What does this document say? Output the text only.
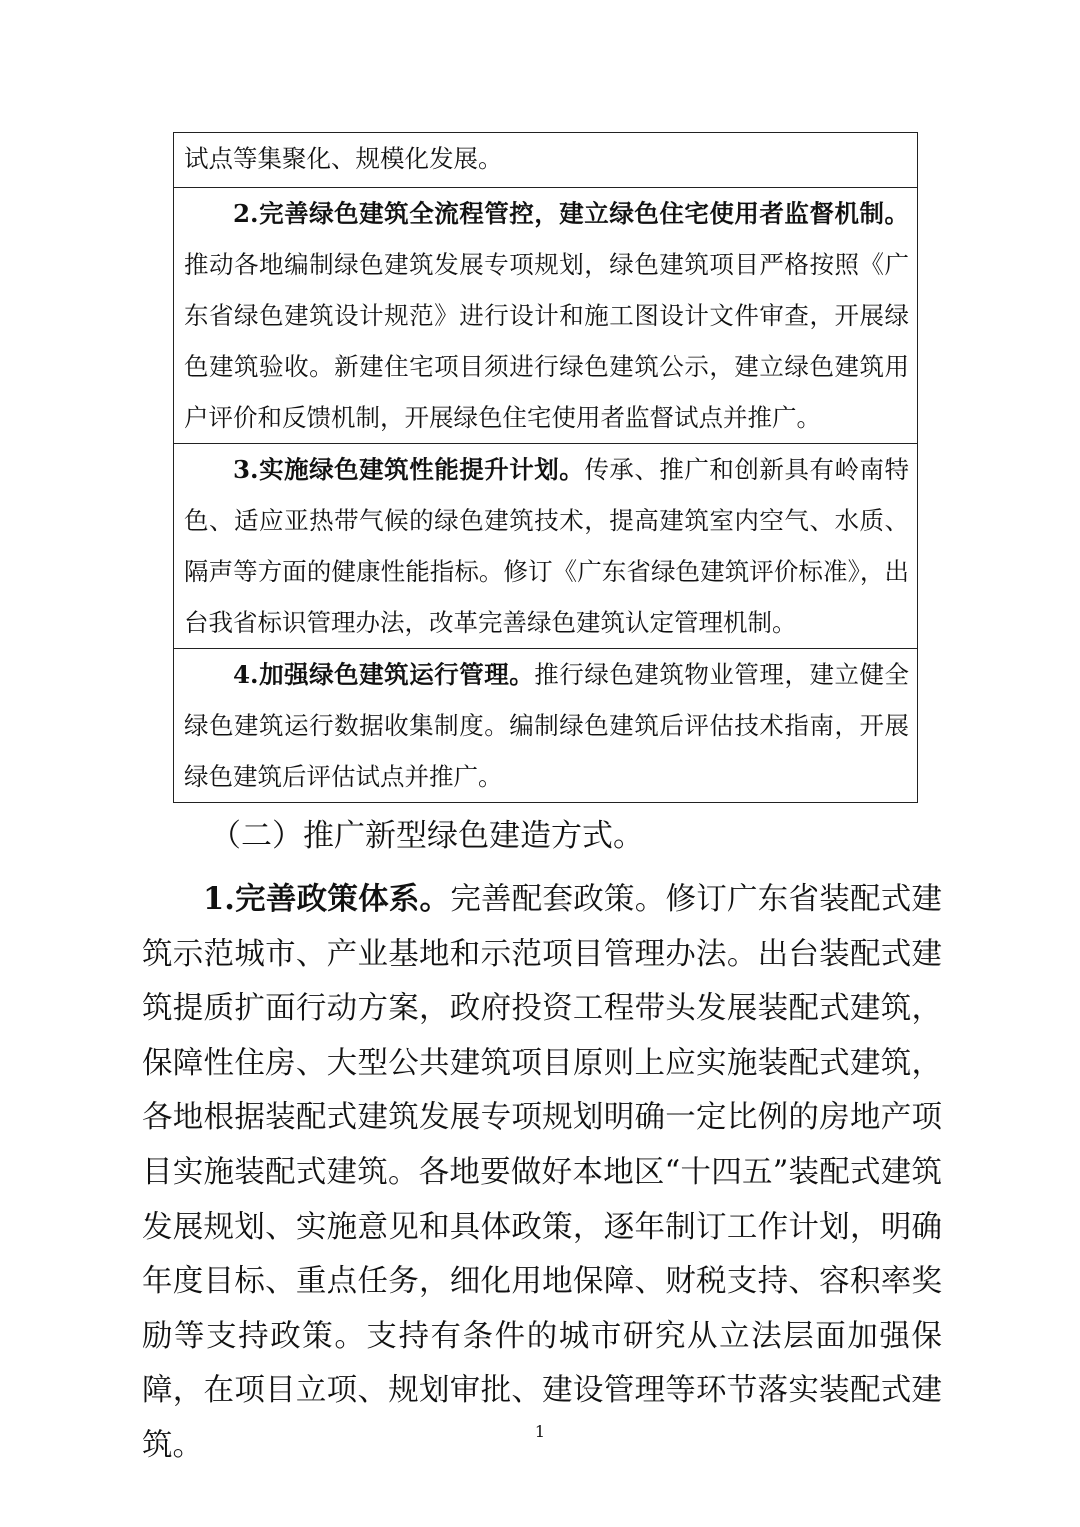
试点等集聚化、规模化发展。
2.完善绿色建筑全流程管控，建立绿色住宅使用者监督机制。推动各地编制绿色建筑发展专项规划，绿色建筑项目严格按照《广东省绿色建筑设计规范》进行设计和施工图设计文件审查，开展绿色建筑验收。新建住宅项目须进行绿色建筑公示，建立绿色建筑用户评价和反馈机制，开展绿色住宅使用者监督试点并推广。
3.实施绿色建筑性能提升计划。传承、推广和创新具有岭南特色、适应亚热带气候的绿色建筑技术，提高建筑室内空气、水质、隔声等方面的健康性能指标。修订《广东省绿色建筑评价标准》，出台我省标识管理办法，改革完善绿色建筑认定管理机制。
4.加强绿色建筑运行管理。推行绿色建筑物业管理，建立健全绿色建筑运行数据收集制度。编制绿色建筑后评估技术指南，开展绿色建筑后评估试点并推广。
（二）推广新型绿色建造方式。

1.完善政策体系。完善配套政策。修订广东省装配式建筑示范城市、产业基地和示范项目管理办法。出台装配式建筑提质扩面行动方案，政府投资工程带头发展装配式建筑，保障性住房、大型公共建筑项目原则上应实施装配式建筑，各地根据装配式建筑发展专项规划明确一定比例的房地产项目实施装配式建筑。各地要做好本地区“十四五”装配式建筑发展规划、实施意见和具体政策，逐年制订工作计划，明确年度目标、重点任务，细化用地保障、财税支持、容积率奖励等支持政策。支持有条件的城市研究从立法层面加强保障，在项目立项、规划审批、建设管理等环节落实装配式建筑。	1
